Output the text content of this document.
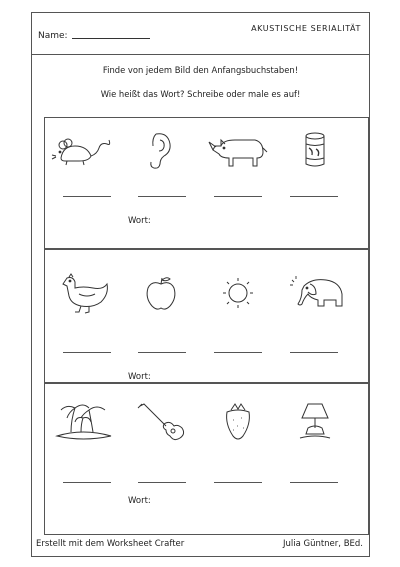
Name:
AKUSTISCHE SERIALITÄT
Finde von jedem Bild den Anfangsbuchstaben!
Wie heißt das Wort? Schreibe oder male es auf!
Wort:
Wort:
Wort:
Erstellt mit dem Worksheet Crafter	Julia Güntner, BEd.
